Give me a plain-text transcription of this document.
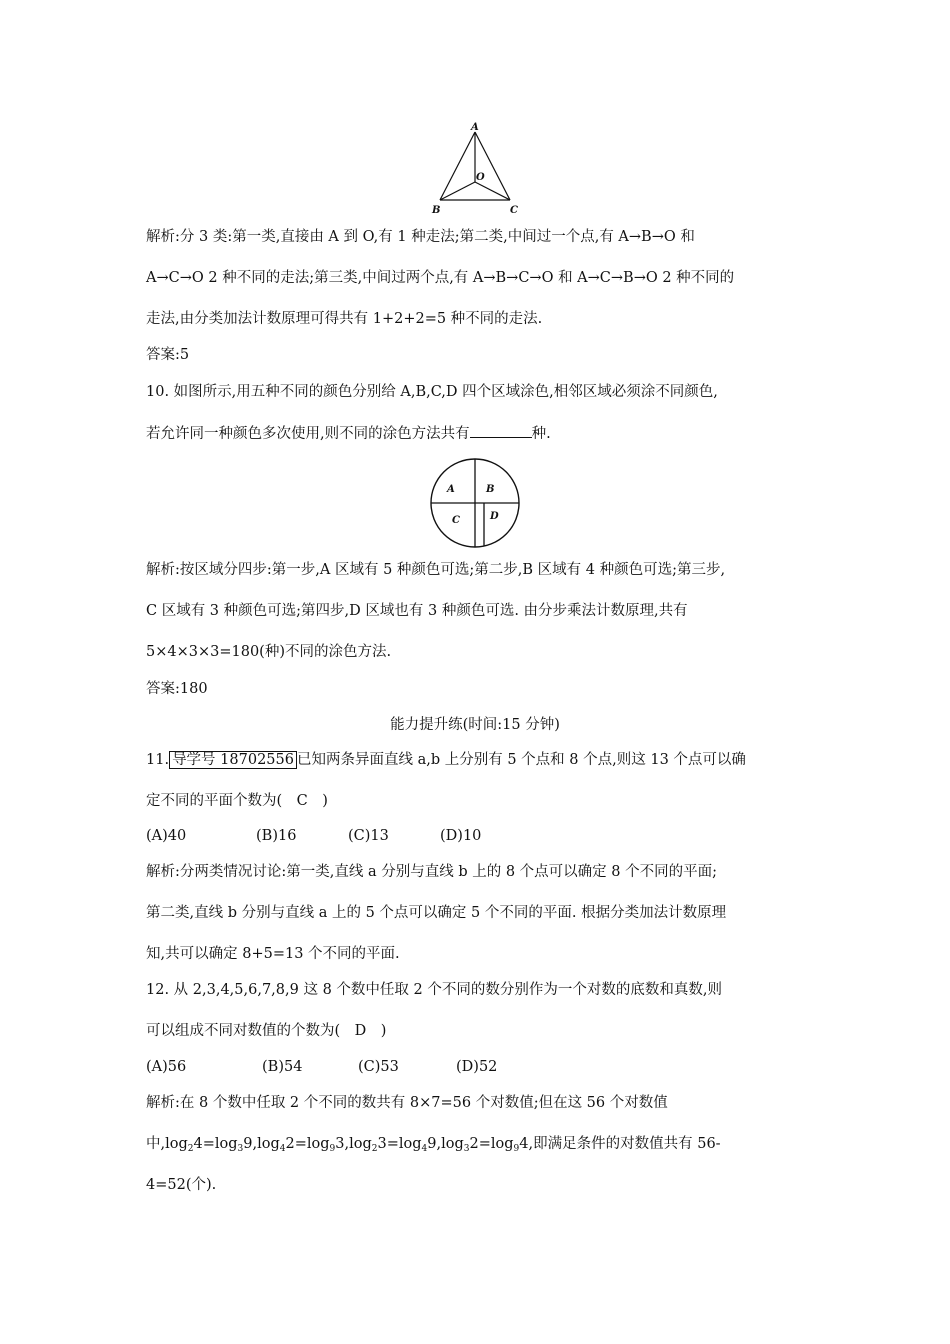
A
O
B	C
解析:分 3 类:第一类,直接由 A 到 O,有 1 种走法;第二类,中间过一个点,有 A→B→O 和
A→C→O 2 种不同的走法;第三类,中间过两个点,有 A→B→C→O 和 A→C→B→O 2 种不同的
走法,由分类加法计数原理可得共有 1+2+2=5 种不同的走法.
答案:5
10. 如图所示,用五种不同的颜色分别给 A,B,C,D 四个区域涂色,相邻区域必须涂不同颜色,
若允许同一种颜色多次使用,则不同的涂色方法共有	种.
A	B
C	D
解析:按区域分四步:第一步,A 区域有 5 种颜色可选;第二步,B 区域有 4 种颜色可选;第三步,
C 区域有 3 种颜色可选;第四步,D 区域也有 3 种颜色可选. 由分步乘法计数原理,共有
5×4×3×3=180(种)不同的涂色方法.
答案:180
能力提升练(时间:15 分钟)
11. 导学号 18702556 已知两条异面直线 a,b 上分别有 5 个点和 8 个点,则这 13 个点可以确
定不同的平面个数为(　C　)
(A)40	(B)16	(C)13	(D)10
解析:分两类情况讨论:第一类,直线 a 分别与直线 b 上的 8 个点可以确定 8 个不同的平面;
第二类,直线 b 分别与直线 a 上的 5 个点可以确定 5 个不同的平面. 根据分类加法计数原理
知,共可以确定 8+5=13 个不同的平面.
12. 从 2,3,4,5,6,7,8,9 这 8 个数中任取 2 个不同的数分别作为一个对数的底数和真数,则
可以组成不同对数值的个数为(　D　)
(A)56	(B)54	(C)53	(D)52
解析:在 8 个数中任取 2 个不同的数共有 8×7=56 个对数值;但在这 56 个对数值
中$,\log_24=\log_39,\log_42=\log_93,\log_23=\log_49,\log_32=\log_94$,即满足条件的对数值共有 56-
4=52(个).
